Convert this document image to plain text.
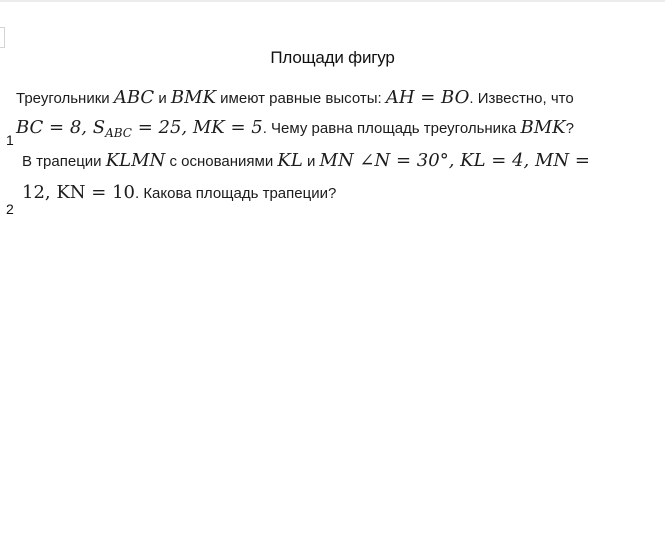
Площади фигур
Треугольники ABC и BMK имеют равные высоты: AH = BO. Известно, что
BC = 8, $S_{ABC} = 25$, MK = 5. Чему равна площадь треугольника BMK?
1
В трапеции KLMN с основаниями KL и MN ∠N = 30°, KL = 4, MN =
12, KN = 10. Какова площадь трапеции?
2
